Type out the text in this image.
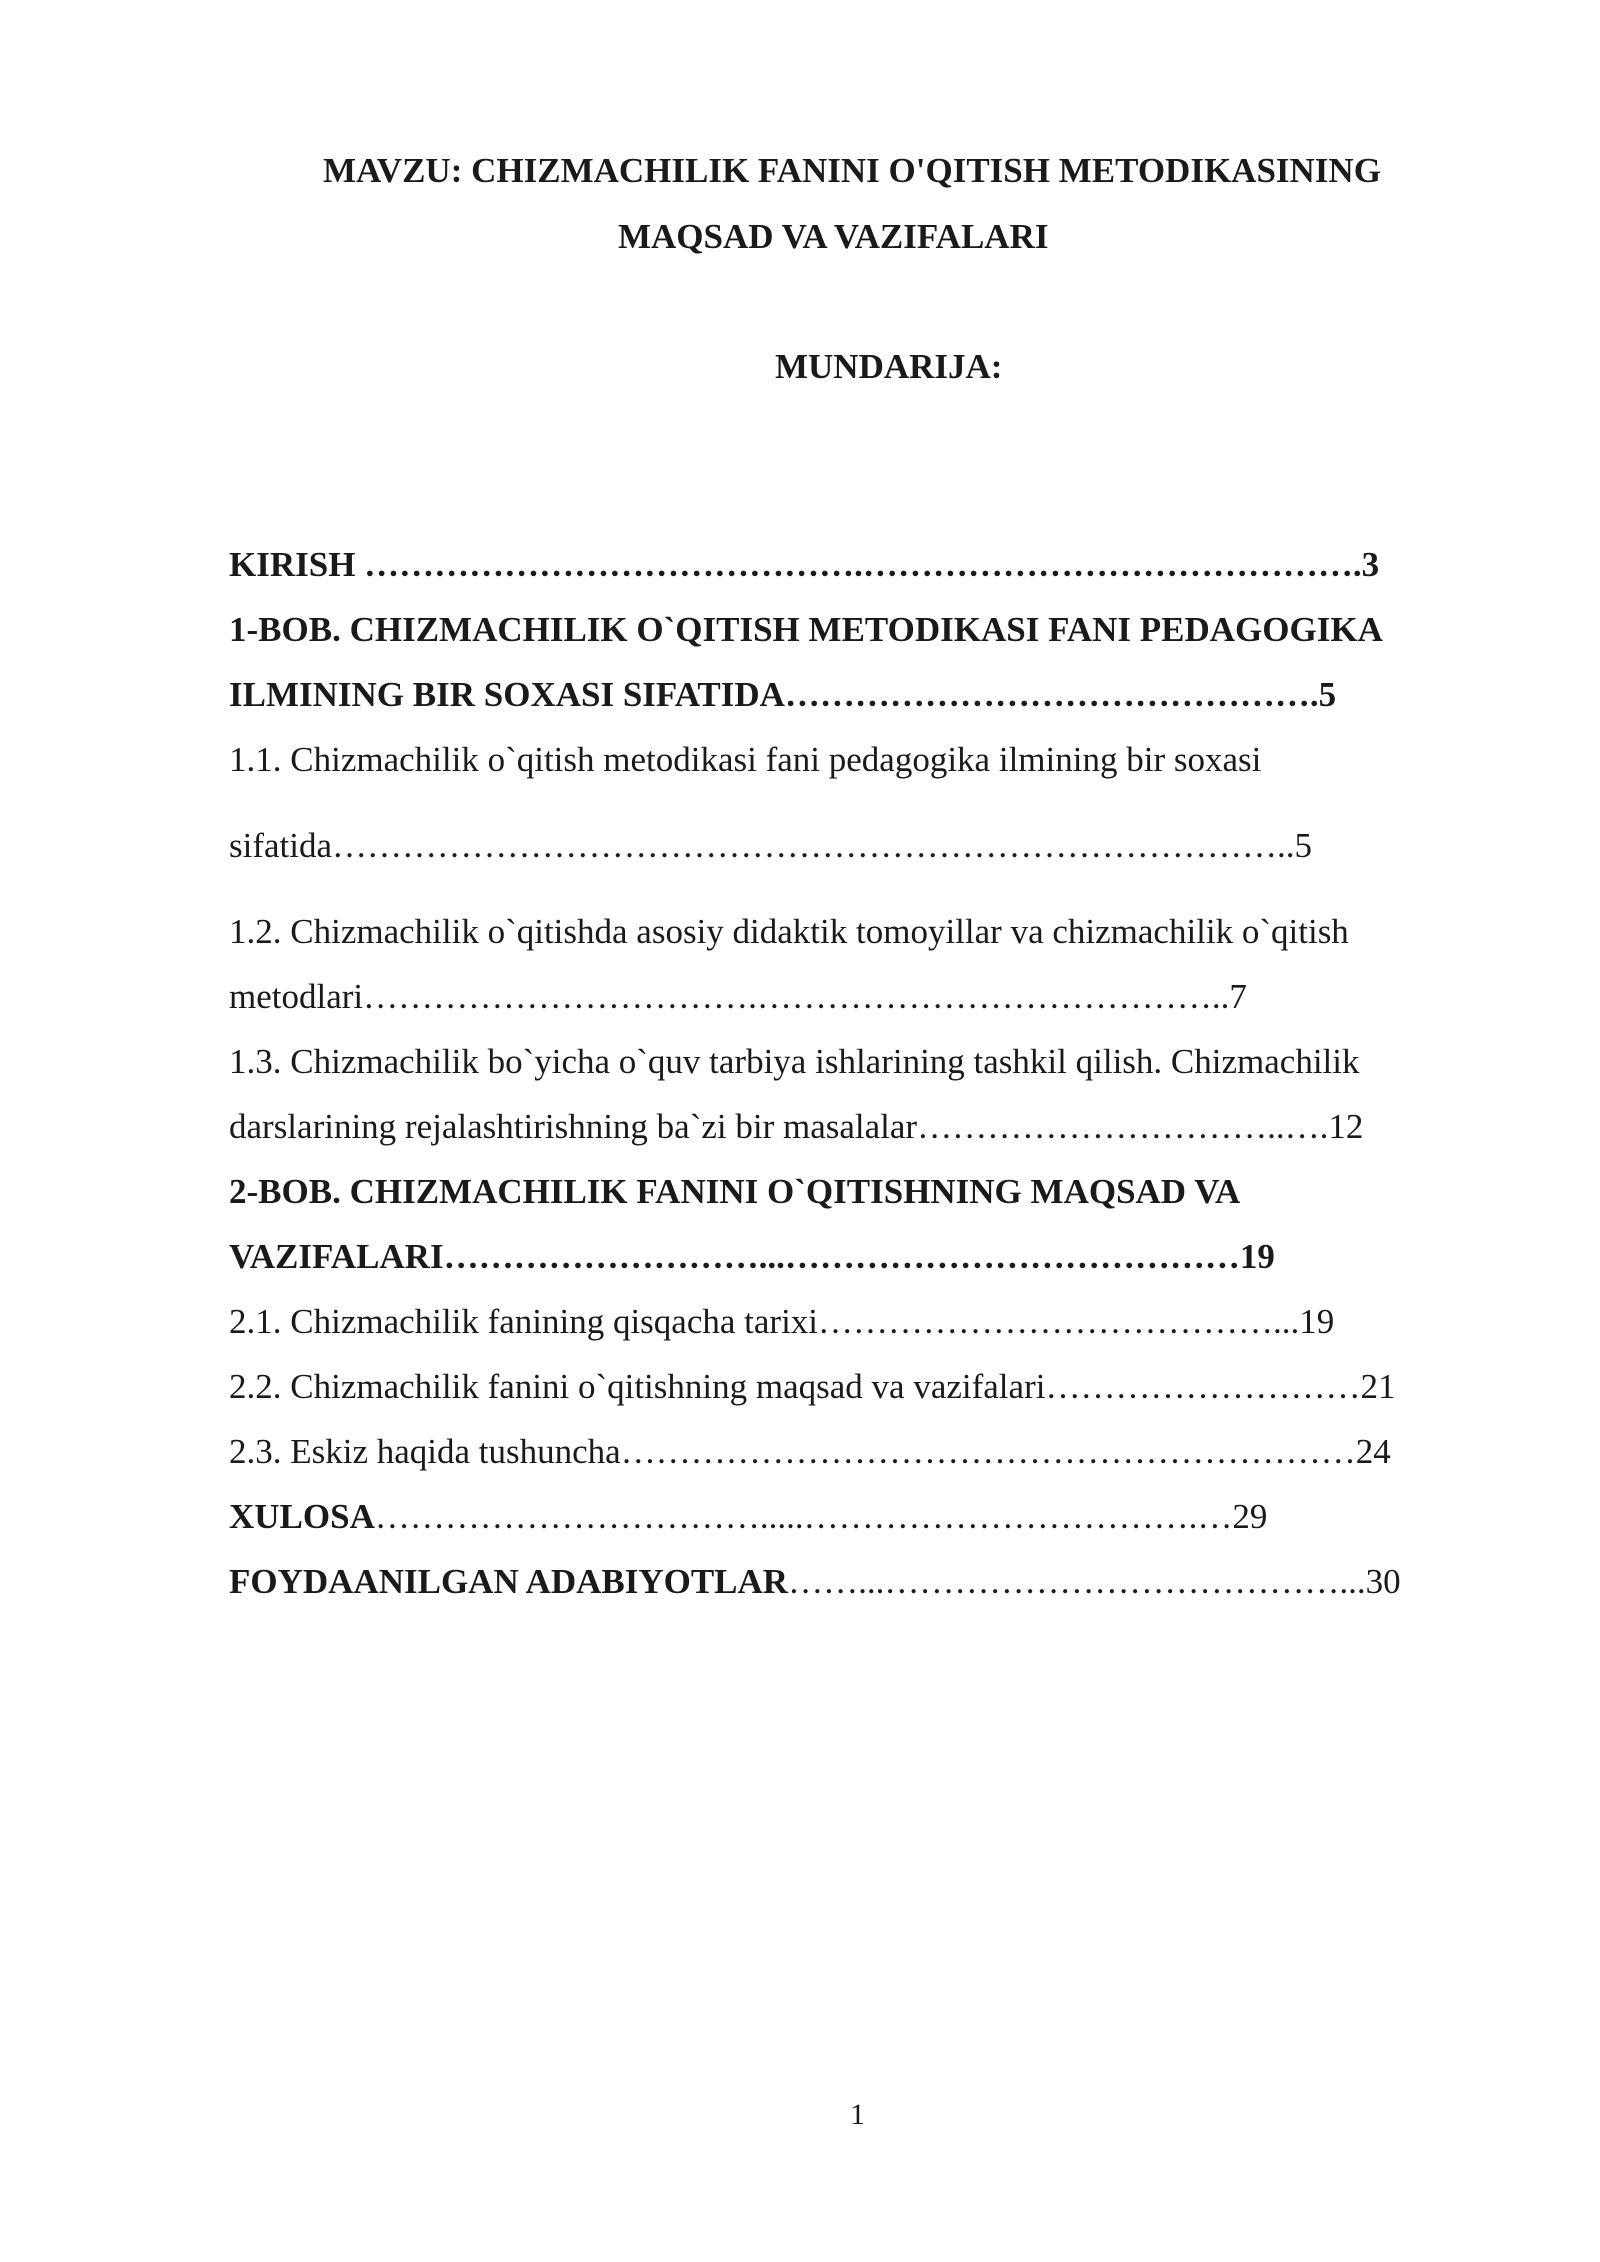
MAVZU: CHIZMACHILIK FANINI O'QITISH METODIKASINING
MAQSAD VA VAZIFALARI
MUNDARIJA:
KIRISH …………………………………….…………………………………….3
1-BOB. CHIZMACHILIK O`QITISH METODIKASI FANI PEDAGOGIKA
ILMINING BIR SOXASI SIFATIDA……………………………………….5
1.1. Chizmachilik o`qitish metodikasi fani pedagogika ilmining bir soxasi
sifatida………………………………………………………………………..5
1.2. Chizmachilik o`qitishda asosiy didaktik tomoyillar va chizmachilik o`qitish
metodlari…………………………….…………………………………..7
1.3. Chizmachilik bo`yicha o`quv tarbiya ishlarining tashkil qilish. Chizmachilik
darslarining rejalashtirishning ba`zi bir masalalar…………………………..….12
2-BOB. CHIZMACHILIK FANINI O`QITISHNING MAQSAD VA
VAZIFALARI………………………...…………………………………19
2.1. Chizmachilik fanining qisqacha tarixi…………………………………...19
2.2. Chizmachilik fanini o`qitishning maqsad va vazifalari………………………21
2.3. Eskiz haqida tushuncha………………………………………………………24
XULOSA…………………………….....…………………………….…29
FOYDAANILGAN ADABIYOTLAR……...…………………………………...30
1
